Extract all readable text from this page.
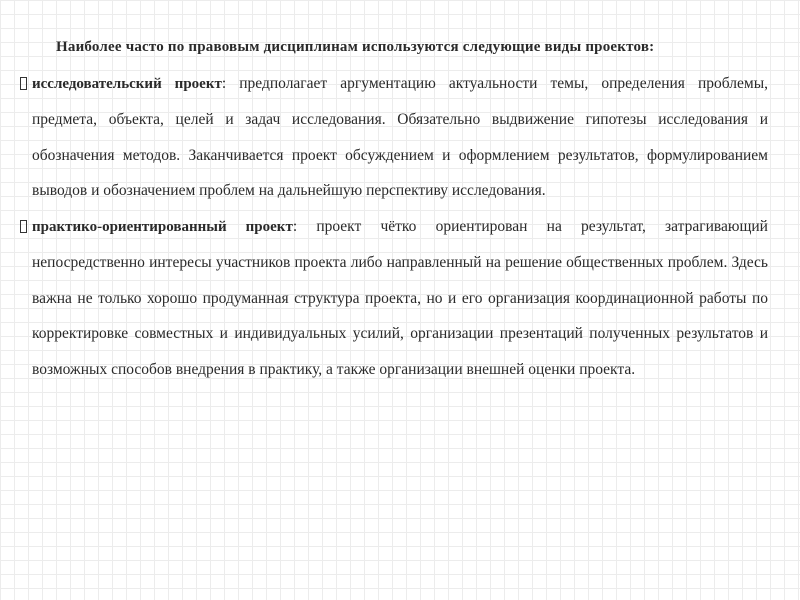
Наиболее часто по правовым дисциплинам используются следующие виды проектов:

исследовательский проект: предполагает аргументацию актуальности темы, определения проблемы, предмета, объекта, целей и задач исследования. Обязательно выдвижение гипотезы исследования и обозначения методов. Заканчивается проект обсуждением и оформлением результатов, формулированием выводов и обозначением проблем на дальнейшую перспективу исследования.

практико-ориентированный проект: проект чётко ориентирован на результат, затрагивающий непосредственно интересы участников проекта либо направленный на решение общественных проблем. Здесь важна не только хорошо продуманная структура проекта, но и его организация координационной работы по корректировке совместных и индивидуальных усилий, организации презентаций полученных результатов и возможных способов внедрения в практику, а также организации внешней оценки проекта.
